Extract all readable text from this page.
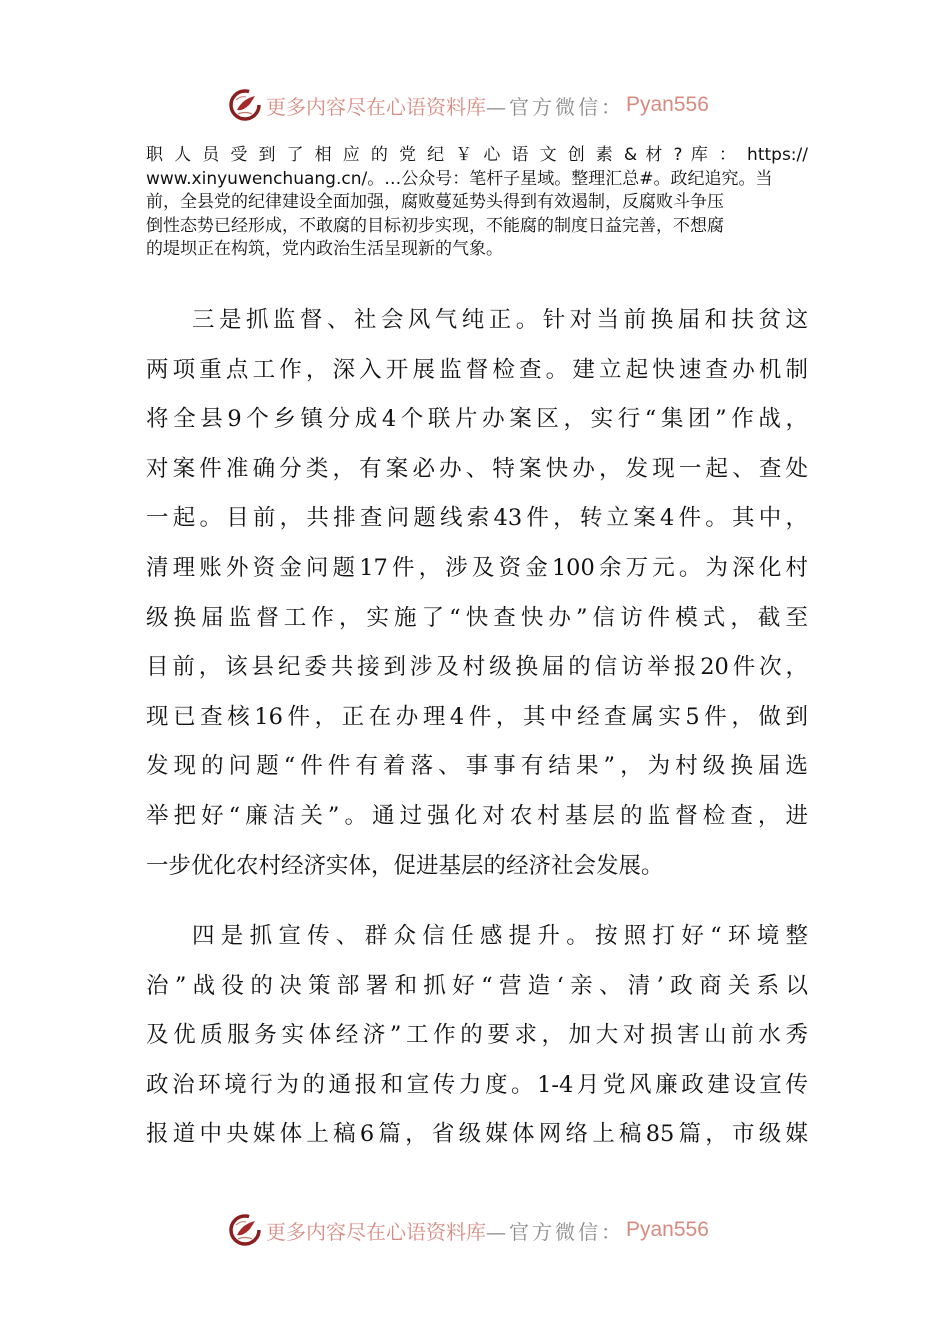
更多内容尽在心语资料库 —官方微信： Pyan556
职 人 员 受 到 了 相 应 的 党 纪 ￥ 心 语 文 创 素 & 材 ? 库 ： https://
www.xinyuwenchuang.cn/。…公众号：笔杆子星域。整理汇总#。政纪追究。当
前，全县党的纪律建设全面加强，腐败蔓延势头得到有效遏制，反腐败斗争压
倒性态势已经形成，不敢腐的目标初步实现，不能腐的制度日益完善，不想腐
的堤坝正在构筑，党内政治生活呈现新的气象。
三是抓监督、社会风气纯正。针对当前换届和扶贫这
两项重点工作，深入开展监督检查。建立起快速查办机制
将全县9个乡镇分成4个联片办案区，实行“集团”作战，
对案件准确分类，有案必办、特案快办，发现一起、查处
一起。目前，共排查问题线索43件，转立案4件。其中，
清理账外资金问题17件，涉及资金100余万元。为深化村
级换届监督工作，实施了“快查快办”信访件模式，截至
目前，该县纪委共接到涉及村级换届的信访举报20件次，
现已查核16件，正在办理4件，其中经查属实5件，做到
发现的问题“件件有着落、事事有结果”，为村级换届选
举把好“廉洁关”。通过强化对农村基层的监督检查，进
一步优化农村经济实体，促进基层的经济社会发展。
四是抓宣传、群众信任感提升。按照打好“环境整
治”战役的决策部署和抓好“营造‘亲、清’政商关系以
及优质服务实体经济”工作的要求，加大对损害山前水秀
政治环境行为的通报和宣传力度。1-4月党风廉政建设宣传
报道中央媒体上稿6篇，省级媒体网络上稿85篇，市级媒
更多内容尽在心语资料库 —官方微信： Pyan556
